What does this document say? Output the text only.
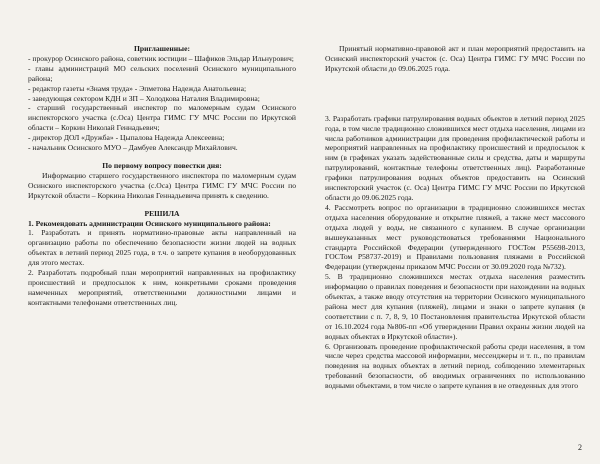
Приглашенные:

- прокурор Осинского района, советник юстиции – Шафиков Эльдар Ильнурович;

- главы администраций МО сельских поселений Осинского муниципального района;

- редактор газеты «Знамя труда» - Эпметова Надежда Анатольевна;

- заведующая сектором КДН и ЗП – Холодкова Наталия Владимировна;

- старший государственный инспектор по маломерным судам Осинского инспекторского участка (с.Оса) Центра ГИМС ГУ МЧС России по Иркутской области – Коркин Николай Геннадьевич;

- директор ДОЛ «Дружба» - Цыпалова Надежда Алексеевна;

- начальник Осинского МУО – Дамбуев Александр Михайлович.

По первому вопросу повестки дня:

Информацию старшего государственного инспектора по маломерным судам Осинского инспекторского участка (с.Оса) Центра ГИМС ГУ МЧС России по Иркутской области – Коркина Николая Геннадьевича принять к сведению.

РЕШИЛА

1. Рекомендовать администрации Осинского муниципального района:

1. Разработать и принять нормативно-правовые акты направленный на организацию работы по обеспечению безопасности жизни людей на водных объектах в летний период 2025 года, в т.ч. о запрете купания в необорудованных для этого местах.

2. Разработать подробный план мероприятий направленных на профилактику происшествий и предпосылок к ним, конкретными сроками проведения намеченных мероприятий, ответственными должностными лицами и контактными телефонами ответственных лиц.

Принятый нормативно-правовой акт и план мероприятий предоставить на Осинский инспекторский участок (с. Оса) Центра ГИМС ГУ МЧС России по Иркутской области до 09.06.2025 года.

3. Разработать графики патрулирования водных объектов в летний период 2025 года, в том числе традиционно сложившихся мест отдыха населения, лицами из числа работников администрации для проведения профилактической работы и мероприятий направленных на профилактику происшествий и предпосылок к ним (в графиках указать задействованные силы и средства, даты и маршруты патрулирований, контактные телефоны ответственных лиц). Разработанные графики патрулирования водных объектов предоставить на Осинский инспекторский участок (с. Оса) Центра ГИМС ГУ МЧС России по Иркутской области до 09.06.2025 года.

4. Рассмотреть вопрос по организации в традиционно сложившихся местах отдыха населения оборудование и открытие пляжей, а также мест массового отдыха людей у воды, не связанного с купанием. В случае организации вышеуказанных мест руководствоваться требованиями Национального стандарта Российской Федерации (утвержденного ГОСТом Р55698-2013, ГОСТом Р58737-2019) и Правилами пользования пляжами в Российской Федерации (утверждены приказом МЧС России от 30.09.2020 года №732).

5. В традиционно сложившихся местах отдыха населения разместить информацию о правилах поведения и безопасности при нахождении на водных объектах, а также вводу отсутствия на территории Осинского муниципального района мест для купания (пляжей), лицами и знаки о запрете купания (в соответствии с п. 7, 8, 9, 10 Постановления правительства Иркутской области от 16.10.2024 года №806-пп «Об утверждении Правил охраны жизни людей на водных объектах в Иркутской области»).

6. Организовать проведение профилактической работы среди населения, в том числе через средства массовой информации, мессенджеры и т. п., по правилам поведения на водных объектах в летний период, соблюдению элементарных требований безопасности, об вводимых ограничениях по использованию водными объектами, в том числе о запрете купания в не отведенных для этого

2
